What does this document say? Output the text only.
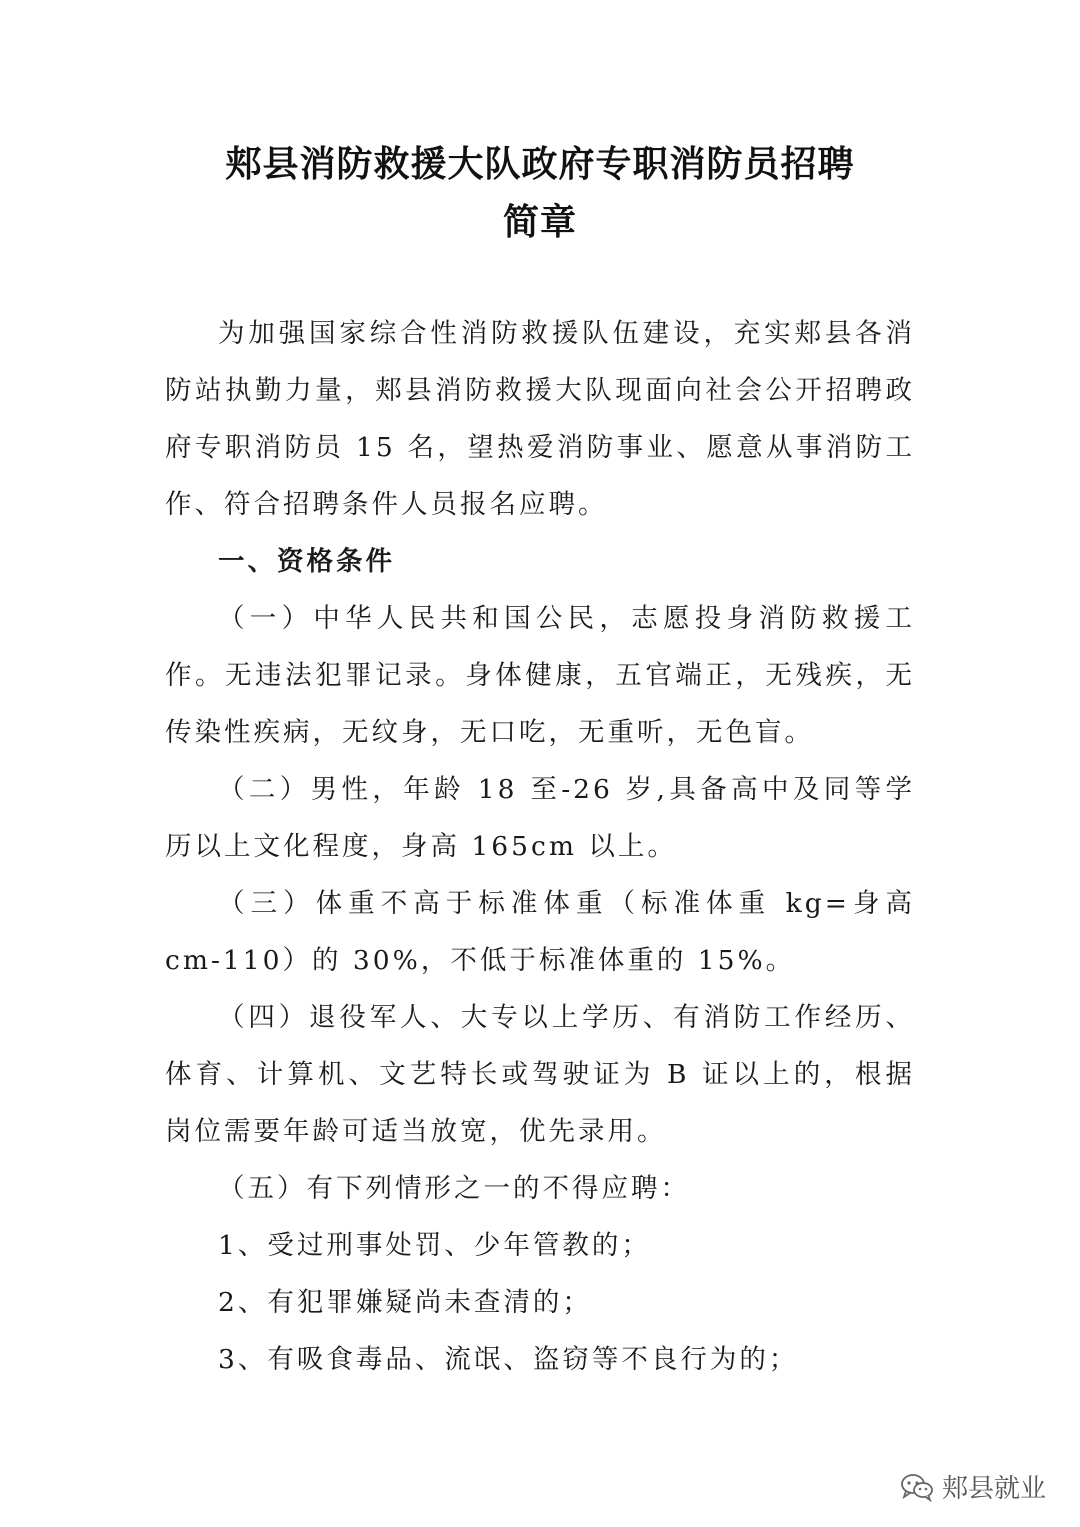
郏县消防救援大队政府专职消防员招聘
简章

为加强国家综合性消防救援队伍建设，充实郏县各消防站执勤力量，郏县消防救援大队现面向社会公开招聘政府专职消防员 15 名，望热爱消防事业、愿意从事消防工作、符合招聘条件人员报名应聘。

一、资格条件

（一）中华人民共和国公民，志愿投身消防救援工作。无违法犯罪记录。身体健康，五官端正，无残疾，无传染性疾病，无纹身，无口吃，无重听，无色盲。

（二）男性，年龄 18 至-26 岁,具备高中及同等学历以上文化程度，身高 165cm 以上。

（三）体重不高于标准体重（标准体重 kg=身高 cm-110）的 30%，不低于标准体重的 15%。

（四）退役军人、大专以上学历、有消防工作经历、体育、计算机、文艺特长或驾驶证为 B 证以上的，根据岗位需要年龄可适当放宽，优先录用。

（五）有下列情形之一的不得应聘：

1、受过刑事处罚、少年管教的；

2、有犯罪嫌疑尚未查清的；

3、有吸食毒品、流氓、盗窃等不良行为的；

郏县就业
